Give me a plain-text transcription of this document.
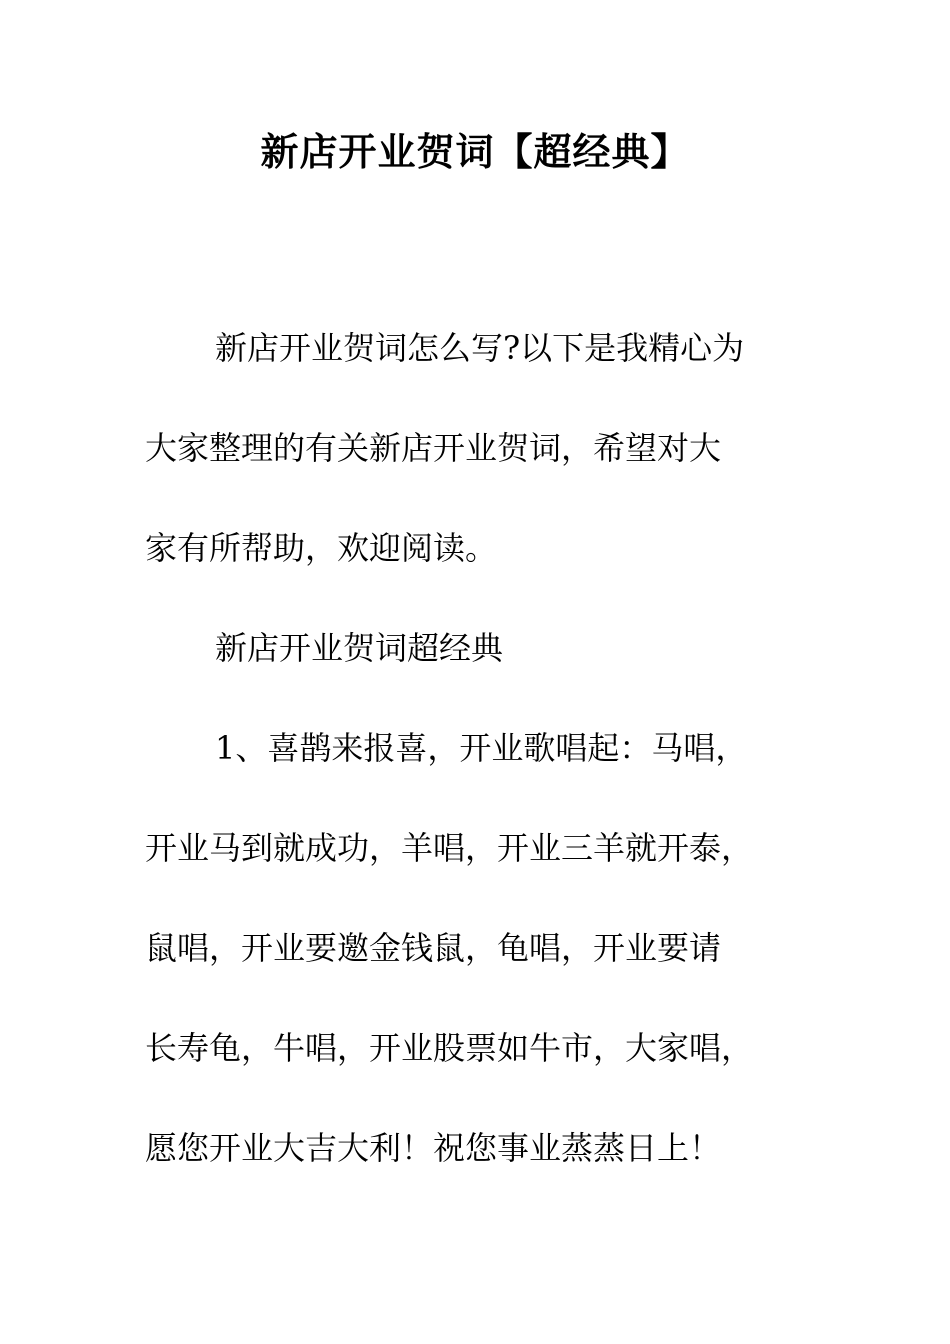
新店开业贺词【超经典】

新店开业贺词怎么写?以下是我精心为
大家整理的有关新店开业贺词，希望对大
家有所帮助，欢迎阅读。

新店开业贺词超经典

1、喜鹊来报喜，开业歌唱起：马唱，
开业马到就成功，羊唱，开业三羊就开泰，
鼠唱，开业要邀金钱鼠，龟唱，开业要请
长寿龟，牛唱，开业股票如牛市，大家唱，
愿您开业大吉大利！祝您事业蒸蒸日上！
